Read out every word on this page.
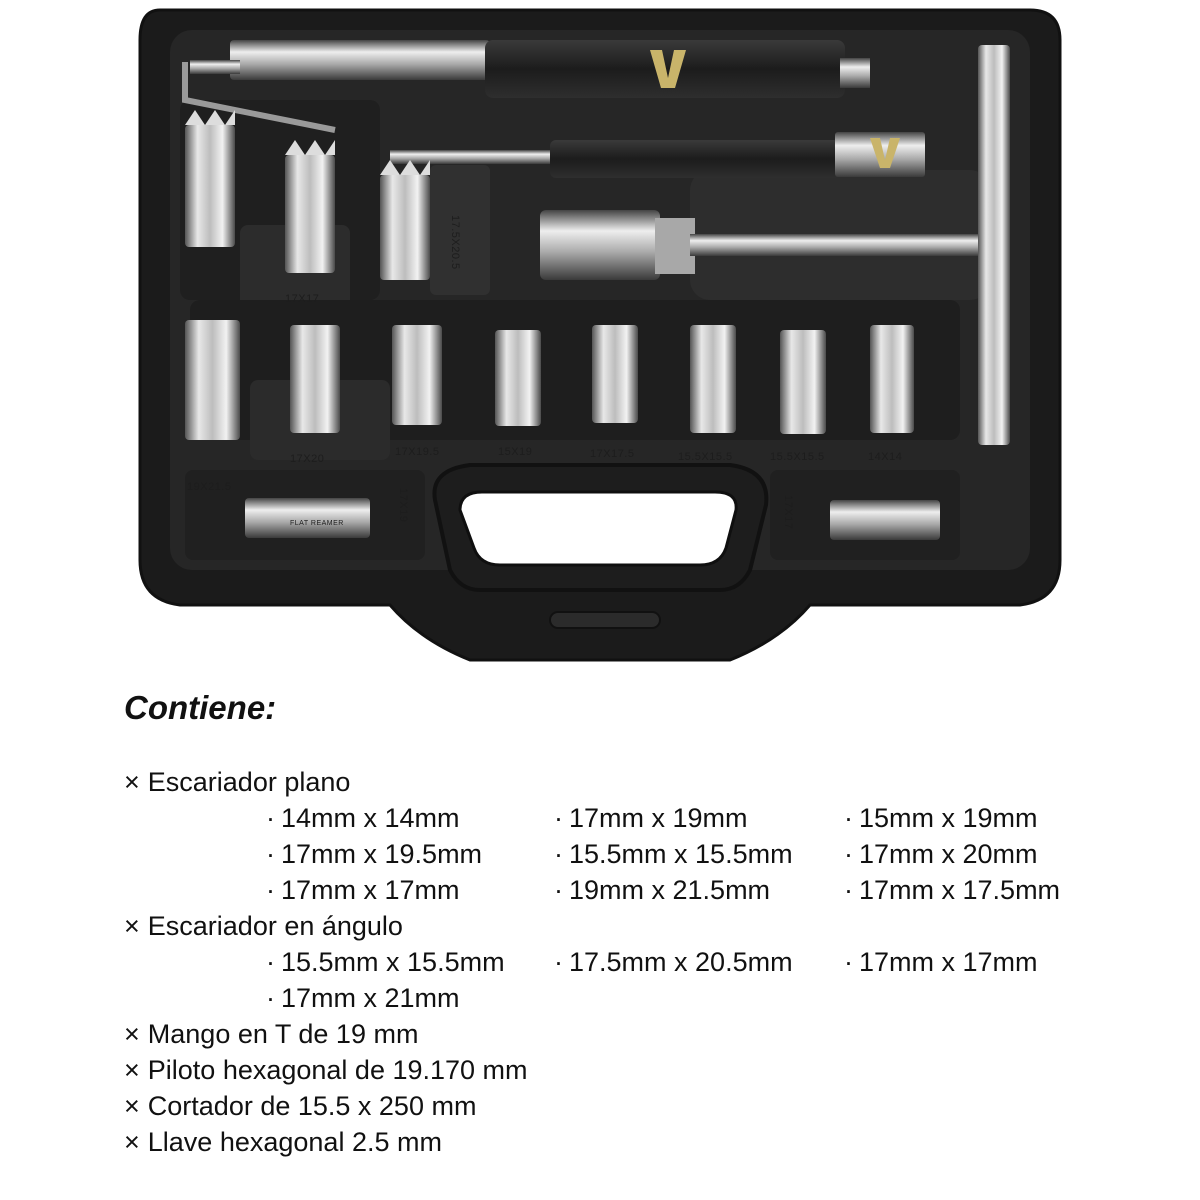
17X17
17.5X20.5
17X20
17X19.5	15X19	17X17.5	15.5X15.5	15.5X15.5	14X14
19X21.5
17X19	17X17
FLAT REAMER
Contiene:
× Escariador plano
· 14mm x 14mm	· 17mm x 19mm	· 15mm x 19mm
· 17mm x 19.5mm	· 15.5mm x 15.5mm	· 17mm x 20mm
· 17mm x 17mm	· 19mm x 21.5mm	· 17mm x 17.5mm
× Escariador en ángulo
· 15.5mm x 15.5mm	· 17.5mm x 20.5mm	· 17mm x 17mm
· 17mm x 21mm
× Mango en T de 19 mm
× Piloto hexagonal de 19.170 mm
× Cortador de 15.5 x 250 mm
× Llave hexagonal 2.5 mm
